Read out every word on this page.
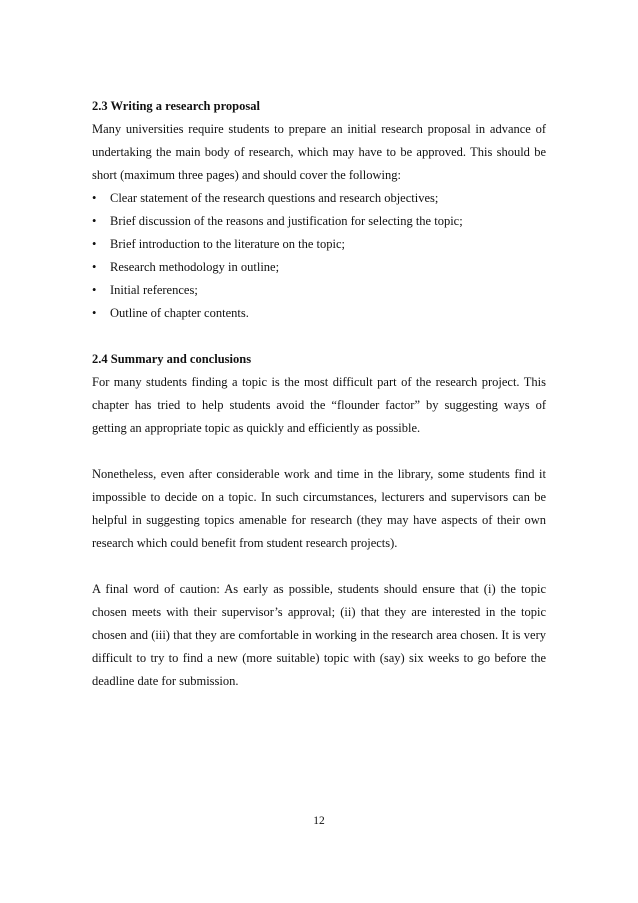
2.3 Writing a research proposal

Many universities require students to prepare an initial research proposal in advance of undertaking the main body of research, which may have to be approved. This should be short (maximum three pages) and should cover the following:

• Clear statement of the research questions and research objectives;
• Brief discussion of the reasons and justification for selecting the topic;
• Brief introduction to the literature on the topic;
• Research methodology in outline;
• Initial references;
• Outline of chapter contents.
2.4 Summary and conclusions

For many students finding a topic is the most difficult part of the research project. This chapter has tried to help students avoid the “flounder factor” by suggesting ways of getting an appropriate topic as quickly and efficiently as possible.

Nonetheless, even after considerable work and time in the library, some students find it impossible to decide on a topic. In such circumstances, lecturers and supervisors can be helpful in suggesting topics amenable for research (they may have aspects of their own research which could benefit from student research projects).

A final word of caution: As early as possible, students should ensure that (i) the topic chosen meets with their supervisor’s approval; (ii) that they are interested in the topic chosen and (iii) that they are comfortable in working in the research area chosen. It is very difficult to try to find a new (more suitable) topic with (say) six weeks to go before the deadline date for submission.

12
